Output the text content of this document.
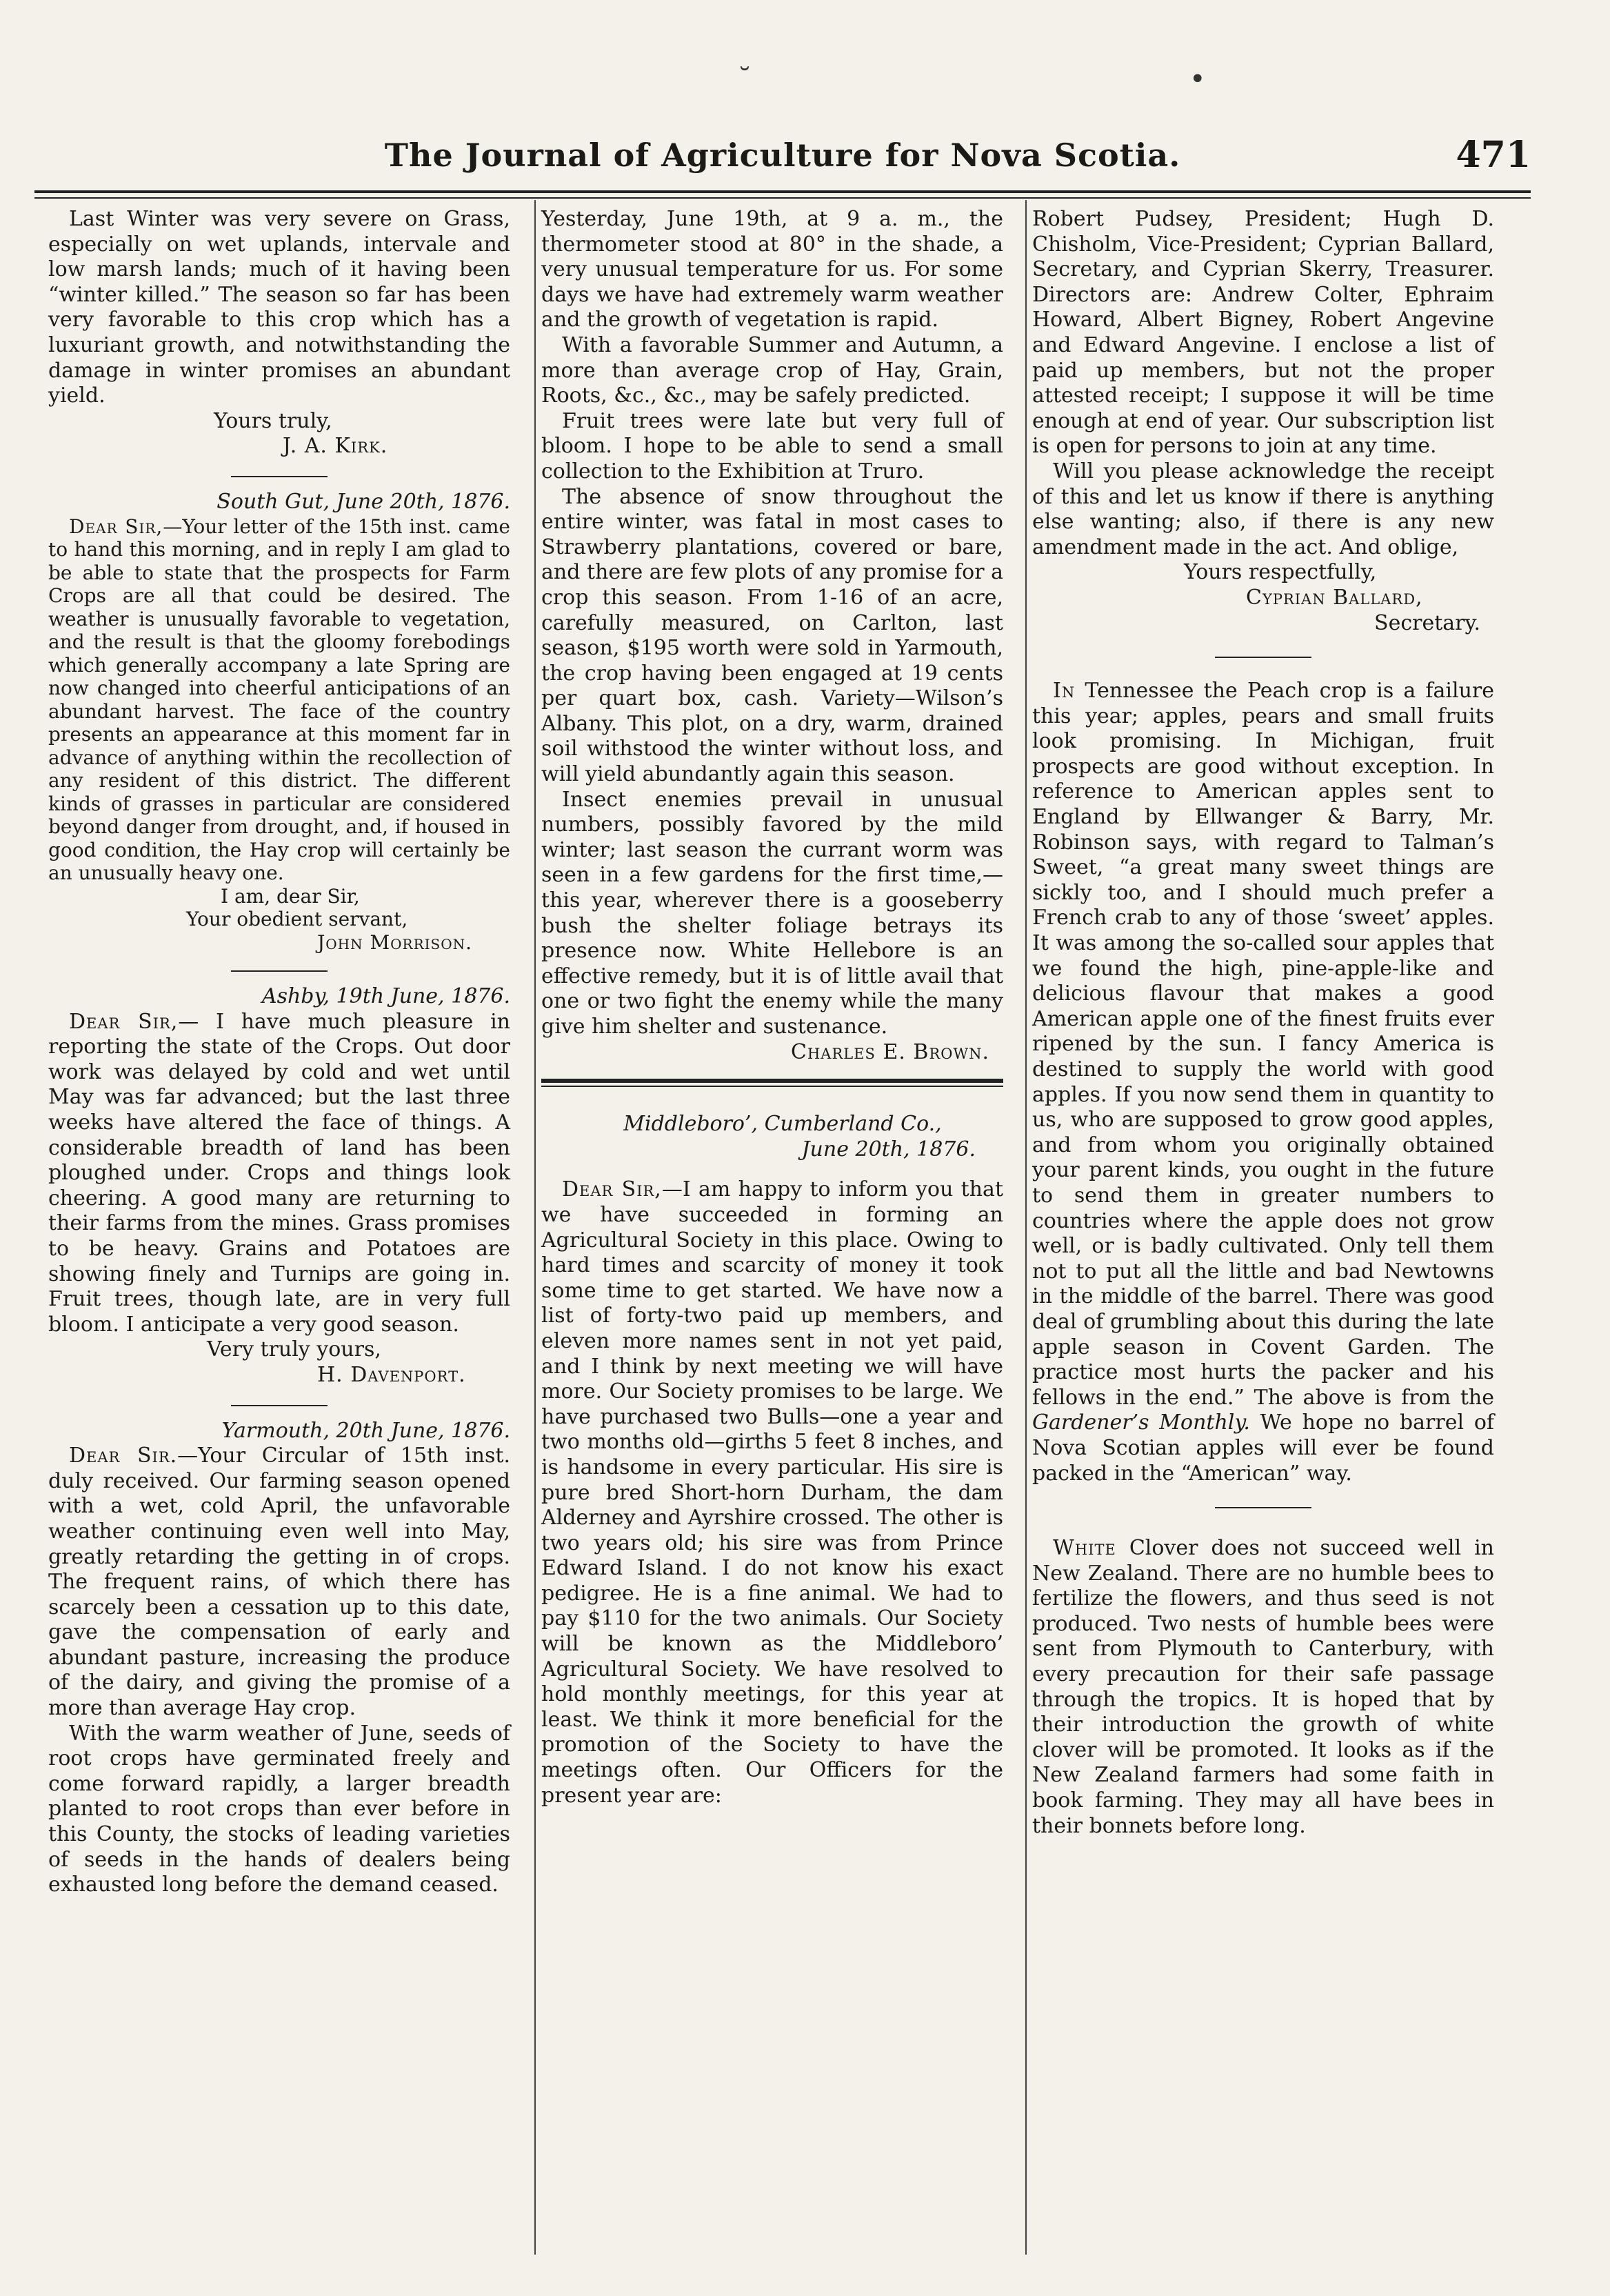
˘	•
The Journal of Agriculture for Nova Scotia.	471

Last Winter was very severe on Grass, especially on wet uplands, intervale and low marsh lands; much of it having been “winter killed.” The season so far has been very favorable to this crop which has a luxuriant growth, and notwithstanding the damage in winter promises an abundant yield.

Yours truly,

J. A. Kirk.

South Gut, June 20th, 1876.

Dear Sir,—Your letter of the 15th inst. came to hand this morning, and in reply I am glad to be able to state that the prospects for Farm Crops are all that could be desired. The weather is unusually favorable to vegetation, and the result is that the gloomy forebodings which generally accompany a late Spring are now changed into cheerful anticipations of an abundant harvest. The face of the country presents an appearance at this moment far in advance of anything within the recollection of any resident of this district. The different kinds of grasses in particular are considered beyond danger from drought, and, if housed in good condition, the Hay crop will certainly be an unusually heavy one.

I am, dear Sir,

Your obedient servant,

John Morrison.

Ashby, 19th June, 1876.

Dear Sir,— I have much pleasure in reporting the state of the Crops. Out door work was delayed by cold and wet until May was far advanced; but the last three weeks have altered the face of things. A considerable breadth of land has been ploughed under. Crops and things look cheering. A good many are returning to their farms from the mines. Grass promises to be heavy. Grains and Potatoes are showing finely and Turnips are going in. Fruit trees, though late, are in very full bloom. I anticipate a very good season.

Very truly yours,

H. Davenport.

Yarmouth, 20th June, 1876.

Dear Sir.—Your Circular of 15th inst. duly received. Our farming season opened with a wet, cold April, the unfavorable weather continuing even well into May, greatly retarding the getting in of crops. The frequent rains, of which there has scarcely been a cessation up to this date, gave the compensation of early and abundant pasture, increasing the produce of the dairy, and giving the promise of a more than average Hay crop.

With the warm weather of June, seeds of root crops have germinated freely and come forward rapidly, a larger breadth planted to root crops than ever before in this County, the stocks of leading varieties of seeds in the hands of dealers being exhausted long before the demand ceased.

Yesterday, June 19th, at 9 a. m., the thermometer stood at 80° in the shade, a very unusual temperature for us. For some days we have had extremely warm weather and the growth of vegetation is rapid.

With a favorable Summer and Autumn, a more than average crop of Hay, Grain, Roots, &c., &c., may be safely predicted.

Fruit trees were late but very full of bloom. I hope to be able to send a small collection to the Exhibition at Truro.

The absence of snow throughout the entire winter, was fatal in most cases to Strawberry plantations, covered or bare, and there are few plots of any promise for a crop this season. From 1-16 of an acre, carefully measured, on Carlton, last season, $195 worth were sold in Yarmouth, the crop having been engaged at 19 cents per quart box, cash. Variety—Wilson’s Albany. This plot, on a dry, warm, drained soil withstood the winter without loss, and will yield abundantly again this season.

Insect enemies prevail in unusual numbers, possibly favored by the mild winter; last season the currant worm was seen in a few gardens for the first time,—this year, wherever there is a gooseberry bush the shelter foliage betrays its presence now. White Hellebore is an effective remedy, but it is of little avail that one or two fight the enemy while the many give him shelter and sustenance.

Charles E. Brown.

Middleboro’, Cumberland Co.,

June 20th, 1876.

Dear Sir,—I am happy to inform you that we have succeeded in forming an Agricultural Society in this place. Owing to hard times and scarcity of money it took some time to get started. We have now a list of forty-two paid up members, and eleven more names sent in not yet paid, and I think by next meeting we will have more. Our Society promises to be large. We have purchased two Bulls—one a year and two months old—girths 5 feet 8 inches, and is handsome in every particular. His sire is pure bred Short-horn Durham, the dam Alderney and Ayrshire crossed. The other is two years old; his sire was from Prince Edward Island. I do not know his exact pedigree. He is a fine animal. We had to pay $110 for the two animals. Our Society will be known as the Middleboro’ Agricultural Society. We have resolved to hold monthly meetings, for this year at least. We think it more beneficial for the promotion of the Society to have the meetings often. Our Officers for the present year are:

Robert Pudsey, President; Hugh D. Chisholm, Vice-President; Cyprian Ballard, Secretary, and Cyprian Skerry, Treasurer. Directors are: Andrew Colter, Ephraim Howard, Albert Bigney, Robert Angevine and Edward Angevine. I enclose a list of paid up members, but not the proper attested receipt; I suppose it will be time enough at end of year. Our subscription list is open for persons to join at any time.

Will you please acknowledge the receipt of this and let us know if there is anything else wanting; also, if there is any new amendment made in the act. And oblige,

Yours respectfully,

Cyprian Ballard,

Secretary.

In Tennessee the Peach crop is a failure this year; apples, pears and small fruits look promising. In Michigan, fruit prospects are good without exception. In reference to American apples sent to England by Ellwanger & Barry, Mr. Robinson says, with regard to Talman’s Sweet, “a great many sweet things are sickly too, and I should much prefer a French crab to any of those ‘sweet’ apples. It was among the so-called sour apples that we found the high, pine-apple-like and delicious flavour that makes a good American apple one of the finest fruits ever ripened by the sun. I fancy America is destined to supply the world with good apples. If you now send them in quantity to us, who are supposed to grow good apples, and from whom you originally obtained your parent kinds, you ought in the future to send them in greater numbers to countries where the apple does not grow well, or is badly cultivated. Only tell them not to put all the little and bad Newtowns in the middle of the barrel. There was good deal of grumbling about this during the late apple season in Covent Garden. The practice most hurts the packer and his fellows in the end.” The above is from the Gardener’s Monthly. We hope no barrel of Nova Scotian apples will ever be found packed in the “American” way.

White Clover does not succeed well in New Zealand. There are no humble bees to fertilize the flowers, and thus seed is not produced. Two nests of humble bees were sent from Plymouth to Canterbury, with every precaution for their safe passage through the tropics. It is hoped that by their introduction the growth of white clover will be promoted. It looks as if the New Zealand farmers had some faith in book farming. They may all have bees in their bonnets before long.
